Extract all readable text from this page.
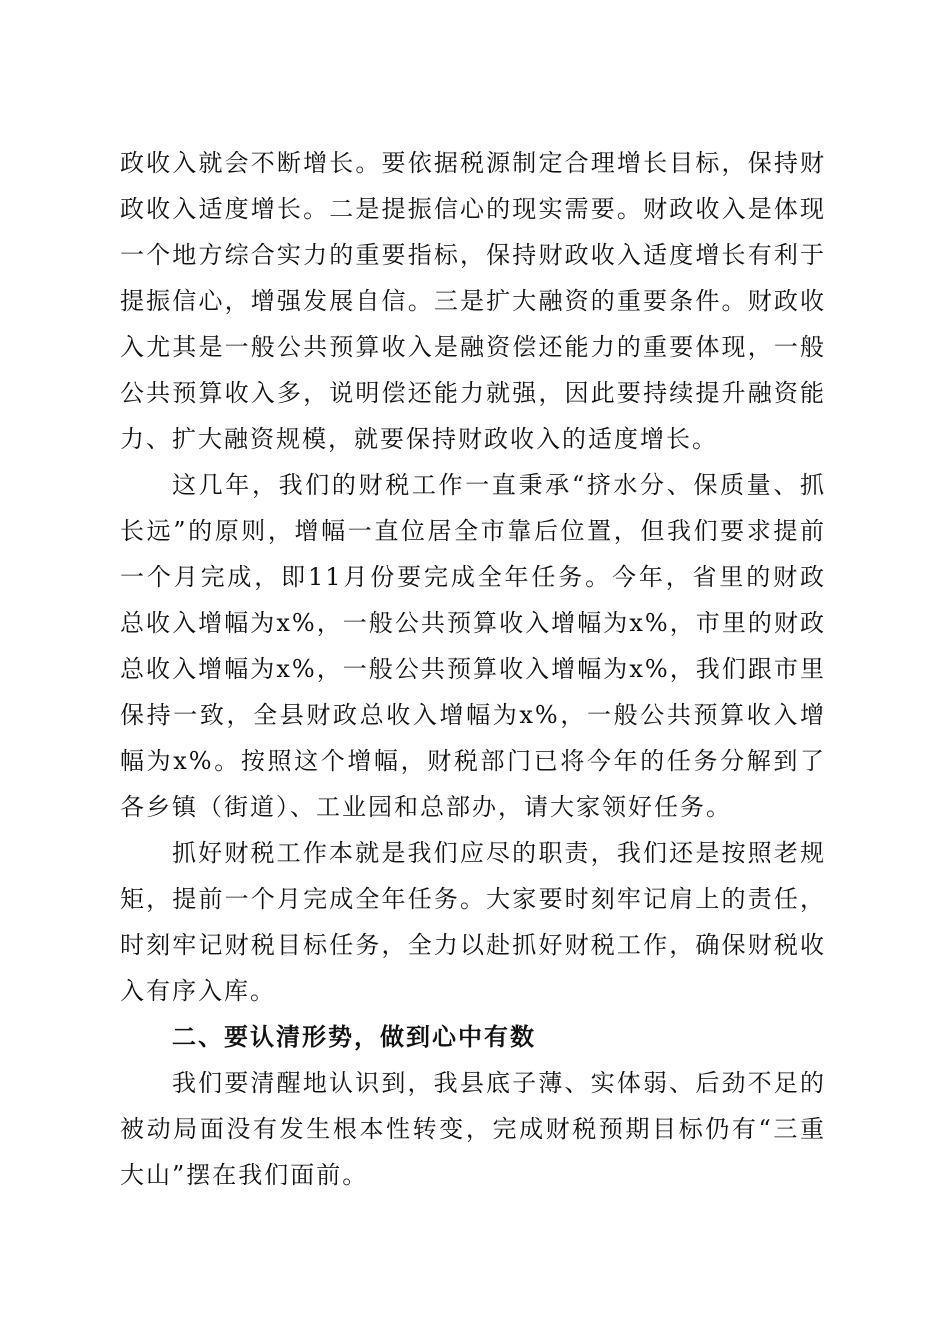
政收入就会不断增长。要依据税源制定合理增长目标，保持财政收入适度增长。二是提振信心的现实需要。财政收入是体现一个地方综合实力的重要指标，保持财政收入适度增长有利于提振信心，增强发展自信。三是扩大融资的重要条件。财政收入尤其是一般公共预算收入是融资偿还能力的重要体现，一般公共预算收入多，说明偿还能力就强，因此要持续提升融资能力、扩大融资规模，就要保持财政收入的适度增长。

这几年，我们的财税工作一直秉承“挤水分、保质量、抓长远”的原则，增幅一直位居全市靠后位置，但我们要求提前一个月完成，即11月份要完成全年任务。今年，省里的财政总收入增幅为x%，一般公共预算收入增幅为x%，市里的财政总收入增幅为x%，一般公共预算收入增幅为x%，我们跟市里保持一致，全县财政总收入增幅为x%，一般公共预算收入增幅为x%。按照这个增幅，财税部门已将今年的任务分解到了各乡镇（街道）、工业园和总部办，请大家领好任务。

抓好财税工作本就是我们应尽的职责，我们还是按照老规矩，提前一个月完成全年任务。大家要时刻牢记肩上的责任，时刻牢记财税目标任务，全力以赴抓好财税工作，确保财税收入有序入库。

二、要认清形势，做到心中有数

我们要清醒地认识到，我县底子薄、实体弱、后劲不足的被动局面没有发生根本性转变，完成财税预期目标仍有“三重大山”摆在我们面前。
